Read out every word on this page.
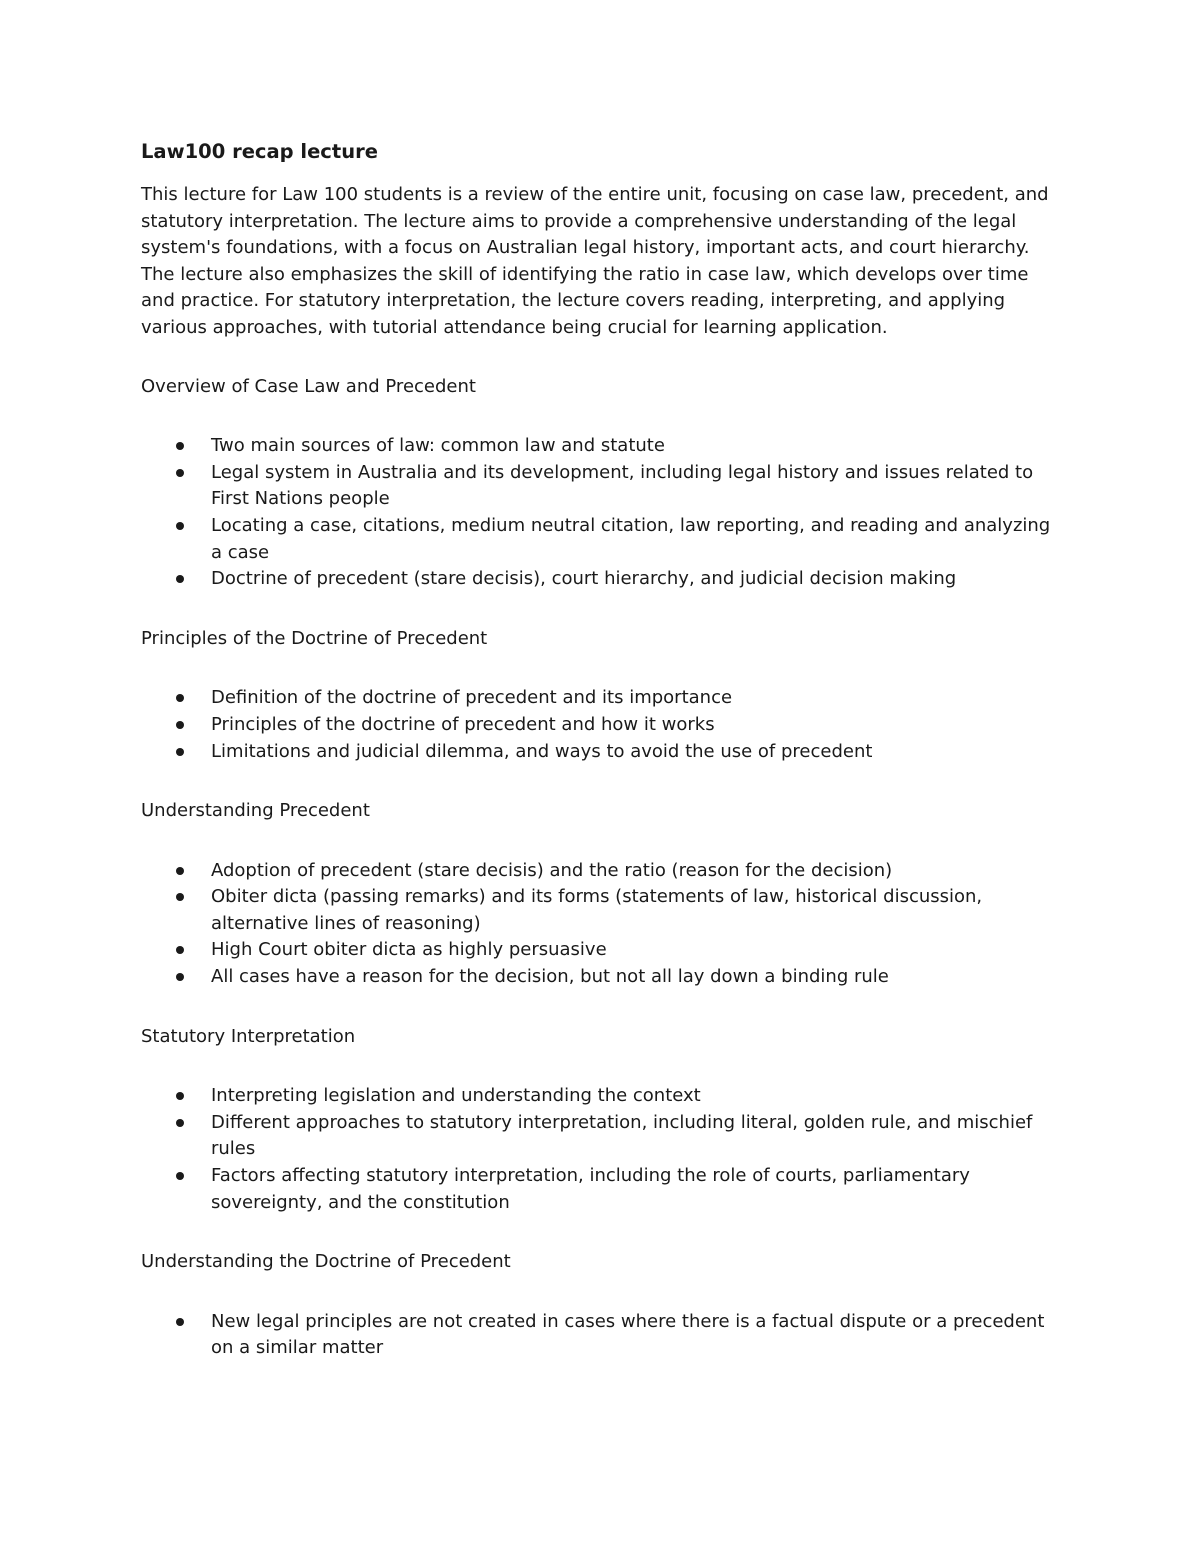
Law100 recap lecture

This lecture for Law 100 students is a review of the entire unit, focusing on case law, precedent, and statutory interpretation. The lecture aims to provide a comprehensive understanding of the legal system's foundations, with a focus on Australian legal history, important acts, and court hierarchy. The lecture also emphasizes the skill of identifying the ratio in case law, which develops over time and practice. For statutory interpretation, the lecture covers reading, interpreting, and applying various approaches, with tutorial attendance being crucial for learning application.

Overview of Case Law and Precedent
Two main sources of law: common law and statute
Legal system in Australia and its development, including legal history and issues related to First Nations people
Locating a case, citations, medium neutral citation, law reporting, and reading and analyzing a case
Doctrine of precedent (stare decisis), court hierarchy, and judicial decision making
Principles of the Doctrine of Precedent
Definition of the doctrine of precedent and its importance
Principles of the doctrine of precedent and how it works
Limitations and judicial dilemma, and ways to avoid the use of precedent
Understanding Precedent
Adoption of precedent (stare decisis) and the ratio (reason for the decision)
Obiter dicta (passing remarks) and its forms (statements of law, historical discussion, alternative lines of reasoning)
High Court obiter dicta as highly persuasive
All cases have a reason for the decision, but not all lay down a binding rule
Statutory Interpretation
Interpreting legislation and understanding the context
Different approaches to statutory interpretation, including literal, golden rule, and mischief rules
Factors affecting statutory interpretation, including the role of courts, parliamentary sovereignty, and the constitution
Understanding the Doctrine of Precedent
New legal principles are not created in cases where there is a factual dispute or a precedent on a similar matter
